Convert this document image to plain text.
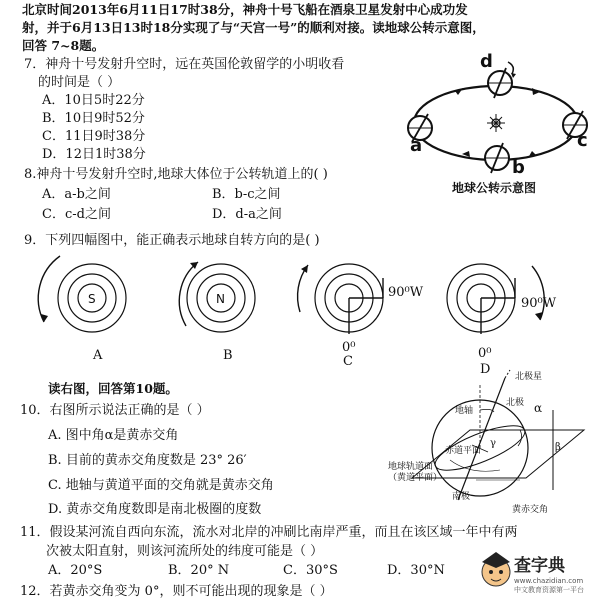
北京时间2013年6月11日17时38分，神舟十号飞船在酒泉卫星发射中心成功发
射，并于6月13日13时18分实现了与“天宫一号”的顺利对接。读地球公转示意图，
回答 7~8题。
7．神舟十号发射升空时，远在英国伦敦留学的小明收看
的时间是（ ）
A．10日5时22分
B．10日9时52分
C．11日9时38分
D．12日1时38分
d
a
b
c
地球公转示意图
8.神舟十号发射升空时,地球大体位于公转轨道上的( )
A．a-b之间	B．b-c之间
C．c-d之间	D．d-a之间
9．下列四幅图中，能正确表示地球自转方向的是( )
S
A
N
B
90⁰W
0⁰
C
90⁰W
0⁰
D
读右图，回答第10题。
10．右图所示说法正确的是（ ）
A. 图中角α是黄赤交角
B. 目前的黄赤交角度数是 23° 26′
C. 地轴与黄道平面的交角就是黄赤交角
D. 黄赤交角度数即是南北极圈的度数
北极星
北极 α
地轴
γ	β
赤道平面
地球轨道面
（黄道平面）
南极
黄赤交角
11．假设某河流自西向东流，流水对北岸的冲刷比南岸严重，而且在该区域一年中有两
次被太阳直射，则该河流所处的纬度可能是（ ）
A．20°S	B．20° N	C．30°S	D．30°N
12．若黄赤交角变为 0°，则不可能出现的现象是（ ）
查字典
www.chazidian.com
中文教育资源第一平台
